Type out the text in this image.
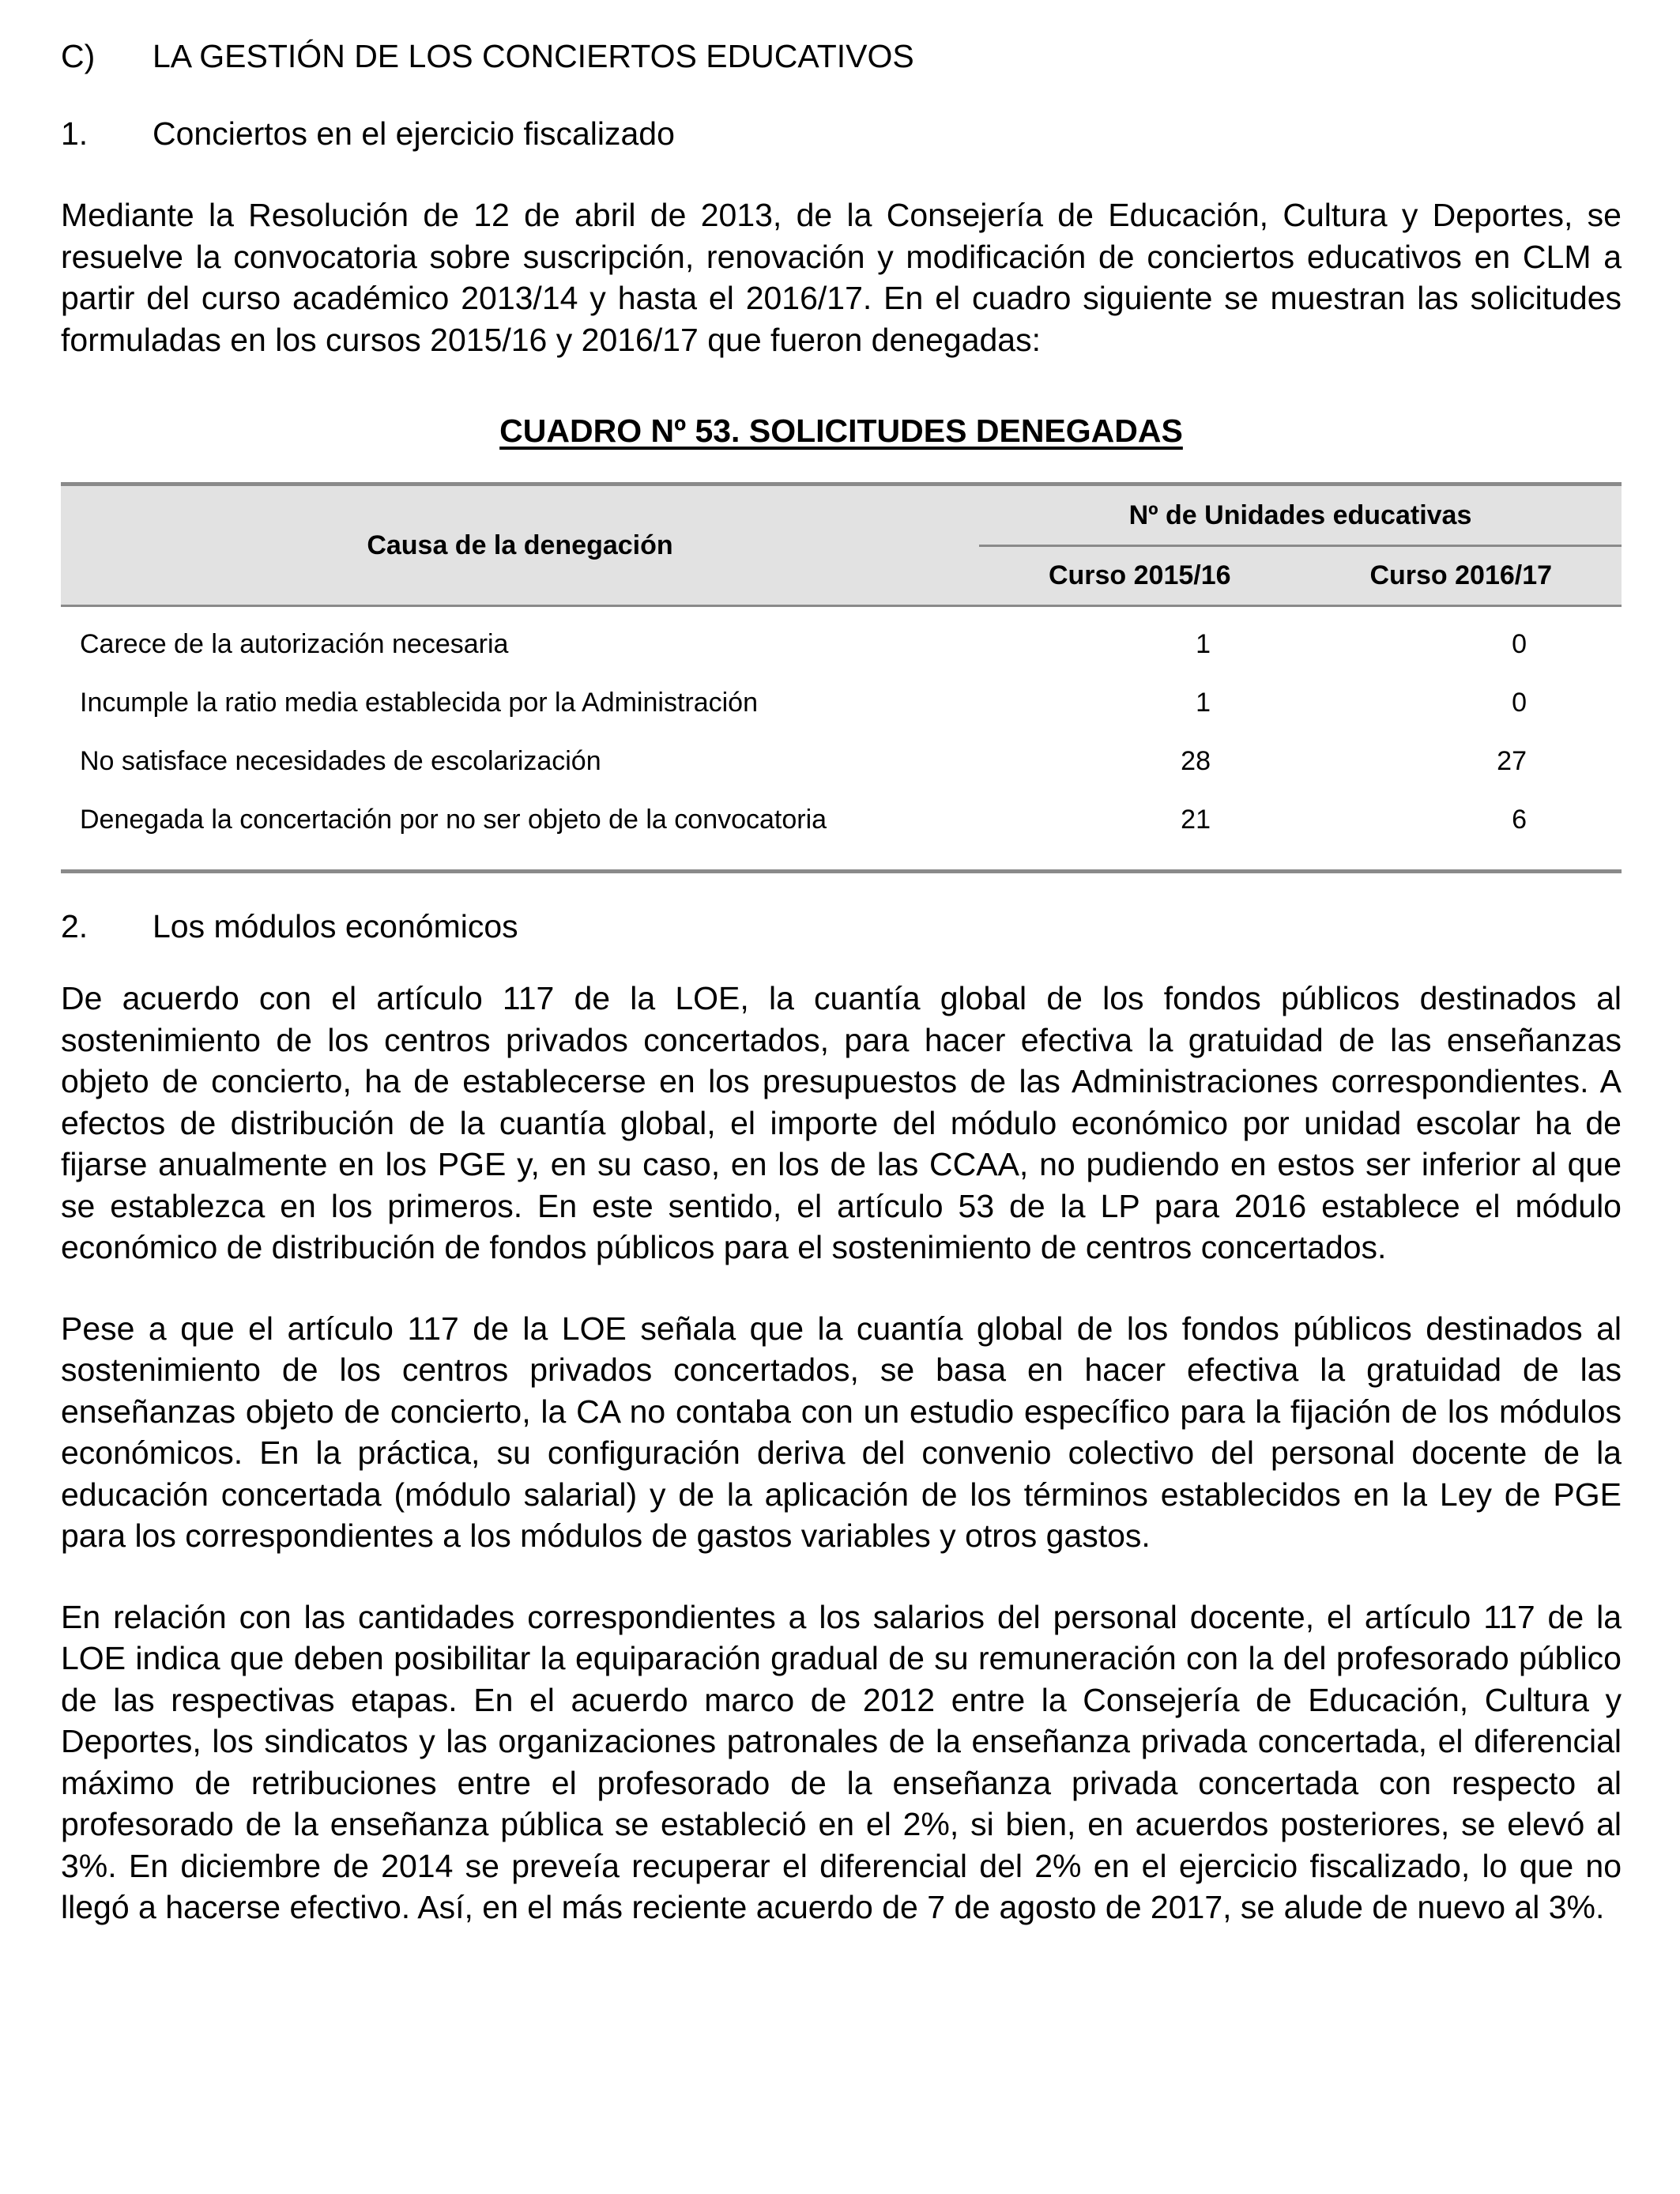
C)	LA GESTIÓN DE LOS CONCIERTOS EDUCATIVOS
1.	Conciertos en el ejercicio fiscalizado

Mediante la Resolución de 12 de abril de 2013, de la Consejería de Educación, Cultura y Deportes, se resuelve la convocatoria sobre suscripción, renovación y modificación de conciertos educativos en CLM a partir del curso académico 2013/14 y hasta el 2016/17. En el cuadro siguiente se muestran las solicitudes formuladas en los cursos 2015/16 y 2016/17 que fueron denegadas:

CUADRO Nº 53. SOLICITUDES DENEGADAS
Causa de la denegación
Nº de Unidades educativas
Curso 2015/16	Curso 2016/17
Carece de la autorización necesaria	1	0
Incumple la ratio media establecida por la Administración	1	0
No satisface necesidades de escolarización	28	27
Denegada la concertación por no ser objeto de la convocatoria	21	6
2.	Los módulos económicos

De acuerdo con el artículo 117 de la LOE, la cuantía global de los fondos públicos destinados al sostenimiento de los centros privados concertados, para hacer efectiva la gratuidad de las enseñanzas objeto de concierto, ha de establecerse en los presupuestos de las Administraciones correspondientes. A efectos de distribución de la cuantía global, el importe del módulo económico por unidad escolar ha de fijarse anualmente en los PGE y, en su caso, en los de las CCAA, no pudiendo en estos ser inferior al que se establezca en los primeros. En este sentido, el artículo 53 de la LP para 2016 establece el módulo económico de distribución de fondos públicos para el sostenimiento de centros concertados.

Pese a que el artículo 117 de la LOE señala que la cuantía global de los fondos públicos destinados al sostenimiento de los centros privados concertados, se basa en hacer efectiva la gratuidad de las enseñanzas objeto de concierto, la CA no contaba con un estudio específico para la fijación de los módulos económicos. En la práctica, su configuración deriva del convenio colectivo del personal docente de la educación concertada (módulo salarial) y de la aplicación de los términos establecidos en la Ley de PGE para los correspondientes a los módulos de gastos variables y otros gastos.

En relación con las cantidades correspondientes a los salarios del personal docente, el artículo 117 de la LOE indica que deben posibilitar la equiparación gradual de su remuneración con la del profesorado público de las respectivas etapas. En el acuerdo marco de 2012 entre la Consejería de Educación, Cultura y Deportes, los sindicatos y las organizaciones patronales de la enseñanza privada concertada, el diferencial máximo de retribuciones entre el profesorado de la enseñanza privada concertada con respecto al profesorado de la enseñanza pública se estableció en el 2%, si bien, en acuerdos posteriores, se elevó al 3%. En diciembre de 2014 se preveía recuperar el diferencial del 2% en el ejercicio fiscalizado, lo que no llegó a hacerse efectivo. Así, en el más reciente acuerdo de 7 de agosto de 2017, se alude de nuevo al 3%.
